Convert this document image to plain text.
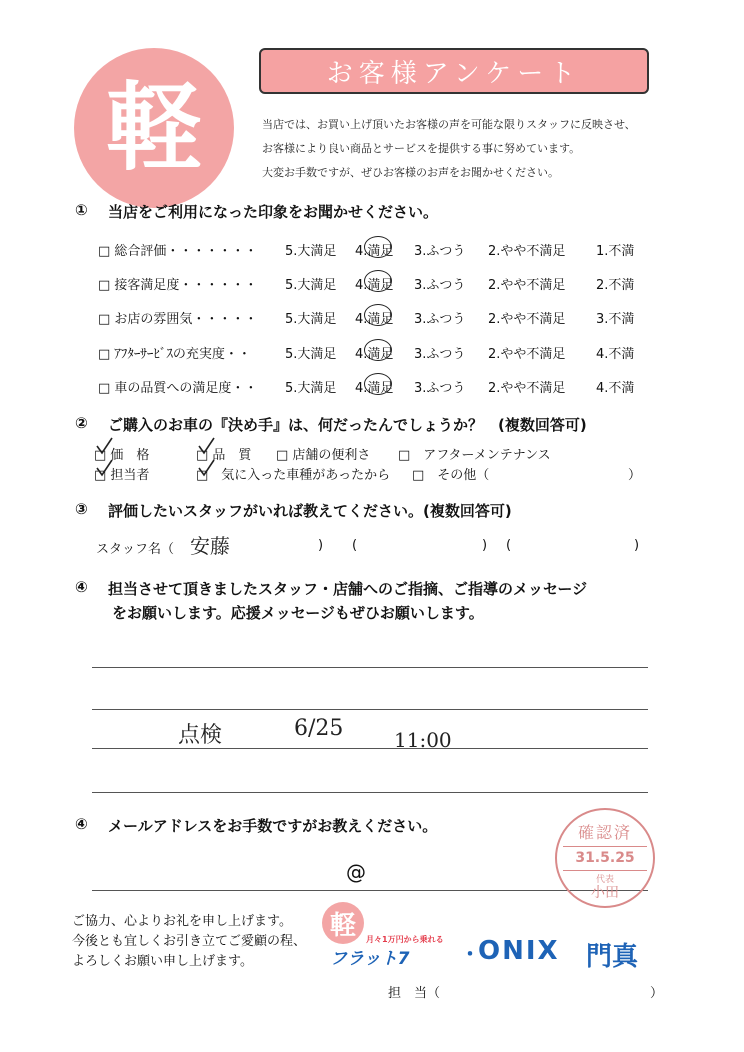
軽	お客様アンケート
当店では、お買い上げ頂いたお客様の声を可能な限りスタッフに反映させ、
お客様により良い商品とサービスを提供する事に努めています。
大変お手数ですが、ぜひお客様のお声をお聞かせください。
① 当店をご利用になった印象をお聞かせください。
□ 総合評価・・・・・・・ 5.大満足 4.満足 3.ふつう 2.やや不満足 1.不満
□ 接客満足度・・・・・・ 5.大満足 4.満足 3.ふつう 2.やや不満足 2.不満
□ お店の雰囲気・・・・・ 5.大満足 4.満足 3.ふつう 2.やや不満足 3.不満
□ ｱﾌﾀｰｻｰﾋﾞｽの充実度・・	5.大満足 4.満足 3.ふつう 2.やや不満足 4.不満
□ 車の品質への満足度・・ 5.大満足 4.満足 3.ふつう 2.やや不満足 4.不満
② ご購入のお車の『決め手』は、何だったんでしょうか？　(複数回答可)
□ 価　格	□ 品　質 □ 店舗の便利さ □　アフターメンテナンス
□ 担当者	□　気に入った車種があったから □　その他（	）
③ 評価したいスタッフがいれば教えてください。(複数回答可)
スタッフ名（ 安藤	) (	) (	)
④ 担当させて頂きましたスタッフ・店舗へのご指摘、ご指導のメッセージ
をお願いします。応援メッセージもぜひお願いします。
点検	6/25	11:00
④ メールアドレスをお手数ですがお教えください。
@
確認済
31.5.25
代表
小田
ご協力、心よりお礼を申し上げます。
今後とも宜しくお引き立てご愛顧の程、
よろしくお願い申し上げます。
軽 月々1万円から乗れる
フラット7	・
ONIX 門真
担　当（	）
